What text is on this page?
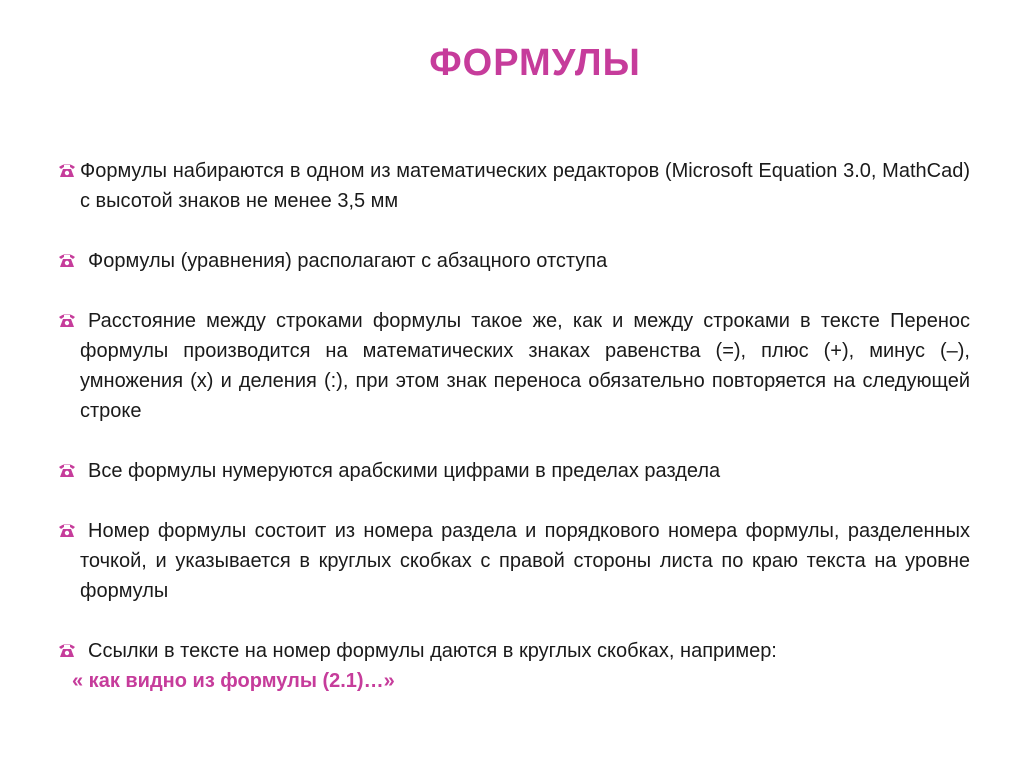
ФОРМУЛЫ
Формулы набираются в одном из математических редакторов (Microsoft Equation 3.0, MathCad) с высотой знаков не менее 3,5 мм
Формулы (уравнения) располагают с абзацного отступа
Расстояние между строками формулы такое же, как и между строками в тексте Перенос формулы производится на математических знаках равенства (=), плюс (+), минус (–), умножения (х) и деления (:), при этом знак переноса обязательно повторяется на следующей строке
Все формулы нумеруются арабскими цифрами в пределах раздела
Номер формулы состоит из номера раздела и порядкового номера формулы, разделенных точкой, и указывается в круглых скобках с правой стороны листа по краю текста на уровне формулы
Ссылки в тексте на номер формулы даются в круглых скобках, например:
« как видно из формулы (2.1)…»
